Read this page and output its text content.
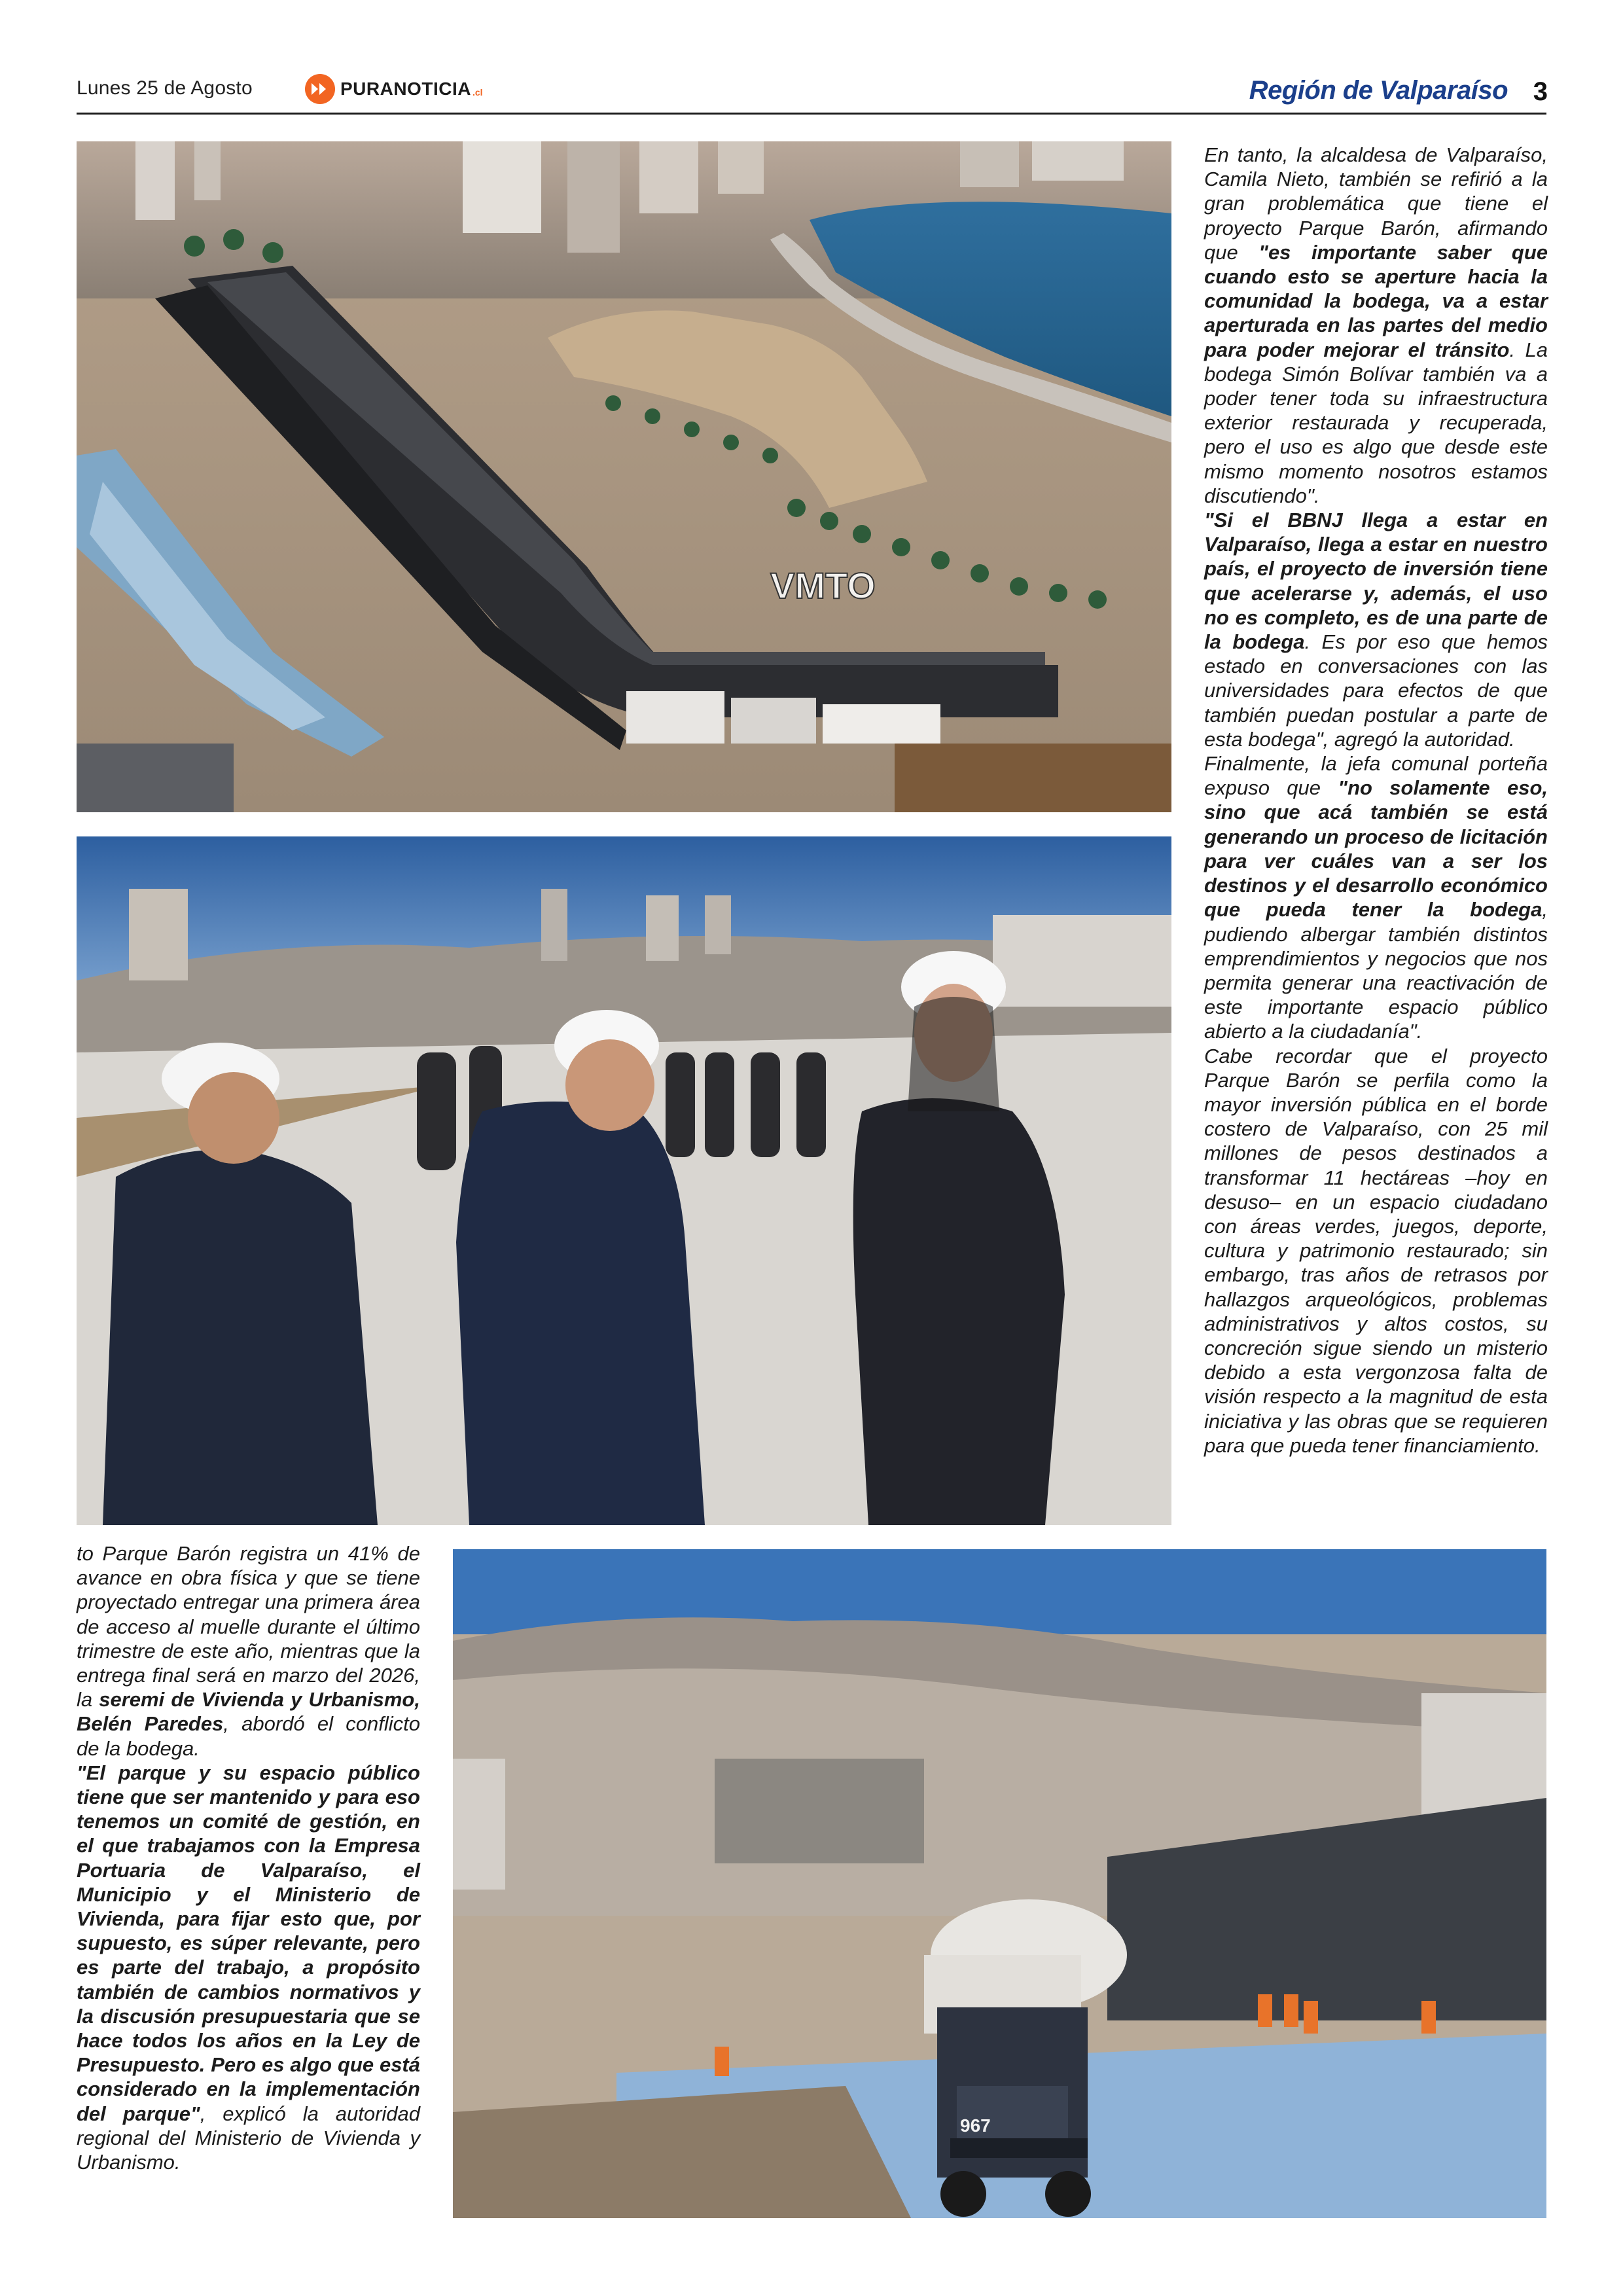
Lunes 25 de Agosto	PURANOTICIA .cl	Región de Valparaíso 3
VMTO

En tanto, la alcaldesa de Valparaíso, Camila Nieto, también se refirió a la gran problemática que tiene el proyecto Parque Barón, afirmando que "es importante saber que cuando esto se aperture hacia la comunidad la bodega, va a estar aperturada en las partes del medio para poder mejorar el tránsito. La bodega Simón Bolívar también va a poder tener toda su infraestructura exterior restaurada y recuperada, pero el uso es algo que desde este mismo momento nosotros estamos discutiendo".

"Si el BBNJ llega a estar en Valparaíso, llega a estar en nuestro país, el proyecto de inversión tiene que acelerarse y, además, el uso no es completo, es de una parte de la bodega. Es por eso que hemos estado en conversaciones con las universidades para efectos de que también puedan postular a parte de esta bodega", agregó la autoridad.

Finalmente, la jefa comunal porteña expuso que "no solamente eso, sino que acá también se está generando un proceso de licitación para ver cuáles van a ser los destinos y el desarrollo económico que pueda tener la bodega, pudiendo albergar también distintos emprendimientos y negocios que nos permita generar una reactivación de este importante espacio público abierto a la ciudadanía".

Cabe recordar que el proyecto Parque Barón se perfila como la mayor inversión pública en el borde costero de Valparaíso, con 25 mil millones de pesos destinados a transformar 11 hectáreas –hoy en desuso– en un espacio ciudadano con áreas verdes, juegos, deporte, cultura y patrimonio restaurado; sin embargo, tras años de retrasos por hallazgos arqueológicos, problemas administrativos y altos costos, su concreción sigue siendo un misterio debido a esta vergonzosa falta de visión respecto a la magnitud de esta iniciativa y las obras que se requieren para que pueda tener financiamiento.

to Parque Barón registra un 41% de avance en obra física y que se tiene proyectado entregar una primera área de acceso al muelle durante el último trimestre de este año, mientras que la entrega final será en marzo del 2026, la seremi de Vivienda y Urbanismo, Belén Paredes, abordó el conflicto de la bodega.

"El parque y su espacio público tiene que ser mantenido y para eso tenemos un comité de gestión, en el que trabajamos con la Empresa Portuaria de Valparaíso, el Municipio y el Ministerio de Vivienda, para fijar esto que, por supuesto, es súper relevante, pero es parte del trabajo, a propósito también de cambios normativos y la discusión presupuestaria que se hace todos los años en la Ley de Presupuesto. Pero es algo que está considerado en la implementación del parque", explicó la autoridad regional del Ministerio de Vivienda y Urbanismo.

967
